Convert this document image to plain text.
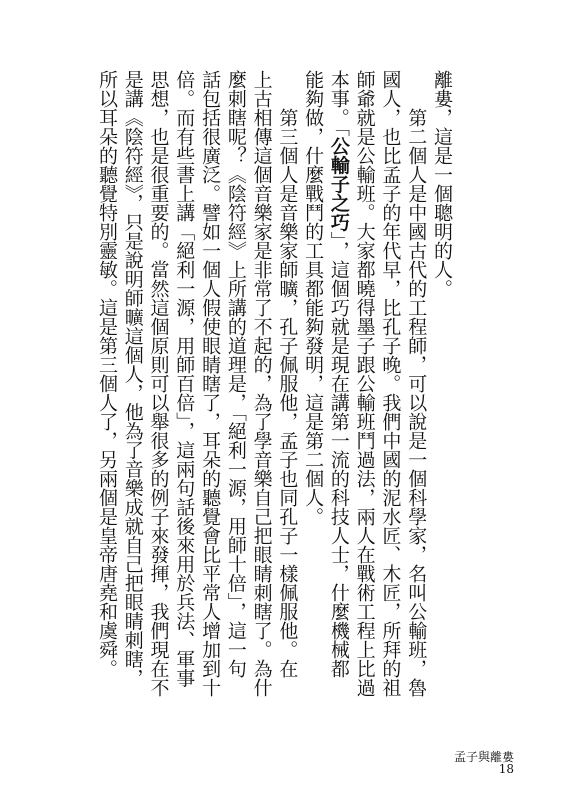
離婁，這是一個聰明的人。
第二個人是中國古代的工程師，可以說是一個科學家，名叫公輸班，魯
國人，也比孟子的年代早，比孔子晚。我們中國的泥水匠、木匠，所拜的祖
師爺就是公輸班。大家都曉得墨子跟公輸班鬥過法，兩人在戰術工程上比過
本事。「公輸子之巧」，這個巧就是現在講第一流的科技人士，什麼機械都
能夠做，什麼戰鬥的工具都能夠發明，這是第二個人。
第三個人是音樂家師曠，孔子佩服他，孟子也同孔子一樣佩服他。在
上古相傳這個音樂家是非常了不起的，為了學音樂自己把眼睛刺瞎了。為什
麼刺瞎呢？《陰符經》上所講的道理是，「絕利一源，用師十倍」，這一句
話包括很廣泛。譬如一個人假使眼睛瞎了，耳朵的聽覺會比平常人增加到十
倍。而有些書上講「絕利一源，用師百倍」，這兩句話後來用於兵法、軍事
思想，也是很重要的。當然這個原則可以舉很多的例子來發揮，我們現在不
是講《陰符經》，只是說明師曠這個人，他為了音樂成就自己把眼睛刺瞎，
所以耳朵的聽覺特別靈敏。這是第三個人了，另兩個是皇帝唐堯和虞舜。
孟子與離婁
18
